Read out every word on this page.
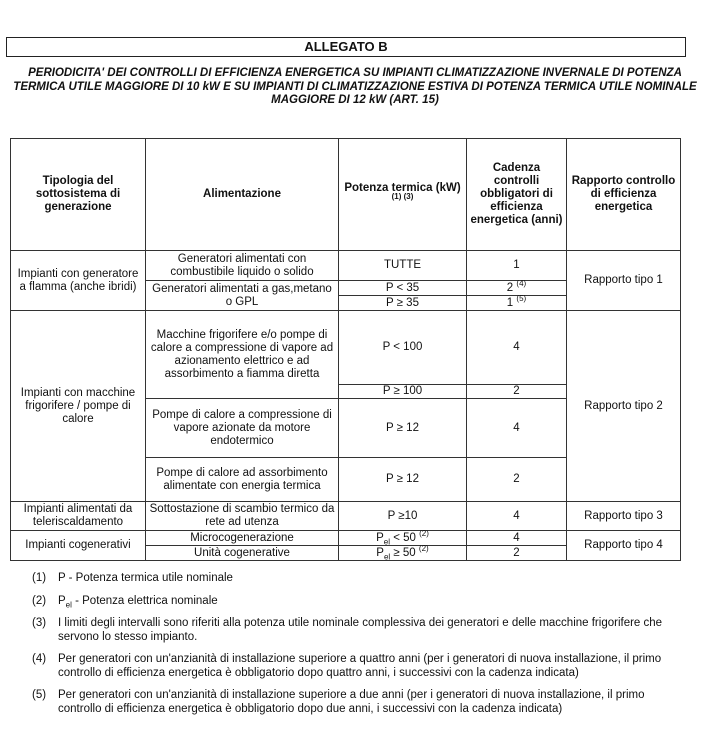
ALLEGATO B
PERIODICITA' DEI CONTROLLI DI EFFICIENZA ENERGETICA SU IMPIANTI CLIMATIZZAZIONE INVERNALE DI POTENZA TERMICA UTILE MAGGIORE DI 10 kW E SU IMPIANTI DI CLIMATIZZAZIONE ESTIVA DI POTENZA TERMICA UTILE NOMINALE MAGGIORE DI 12 kW (ART. 15)
Tipologia del sottosistema di generazione	Alimentazione	Potenza termica (kW) $^{(1) (3)}$	Cadenza controlli obbligatori di efficienza energetica (anni)	Rapporto controllo di efficienza energetica
Impianti con generatore a flamma (anche ibridi)	Generatori alimentati con combustibile liquido o solido	TUTTE	1	Rapporto tipo 1
	Generatori alimentati a gas,metano o GPL	P < 35	2 $^{(4)}$
		P ≥ 35	1 $^{(5)}$
Impianti con macchine frigorifere / pompe di calore	Macchine frigorifere e/o pompe di calore a compressione di vapore ad azionamento elettrico e ad assorbimento a fiamma diretta	P < 100	4	Rapporto tipo 2
		P ≥ 100	2	
	Pompe di calore a compressione di vapore azionate da motore endotermico	P ≥ 12	4	
	Pompe di calore ad assorbimento alimentate con energia termica	P ≥ 12	2	
Impianti alimentati da teleriscaldamento	Sottostazione di scambio termico da rete ad utenza	P ≥10	4	Rapporto tipo 3
Impianti cogenerativi	Microcogenerazione	$P_{el} < 50$ $^{(2)}$	4	Rapporto tipo 4
	Unità cogenerative	$P_{el} \ge 50$ $^{(2)}$	2	
(1)	P - Potenza termica utile nominale
(2)	$P_{el}$ - Potenza elettrica nominale
(3)	I limiti degli intervalli sono riferiti alla potenza utile nominale complessiva dei generatori e delle macchine frigorifere che servono lo stesso impianto.
(4)	Per generatori con un'anzianità di installazione superiore a quattro anni (per i generatori di nuova installazione, il primo controllo di efficienza energetica è obbligatorio dopo quattro anni, i successivi con la cadenza indicata)
(5)	Per generatori con un'anzianità di installazione superiore a due anni (per i generatori di nuova installazione, il primo controllo di efficienza energetica è obbligatorio dopo due anni, i successivi con la cadenza indicata)
